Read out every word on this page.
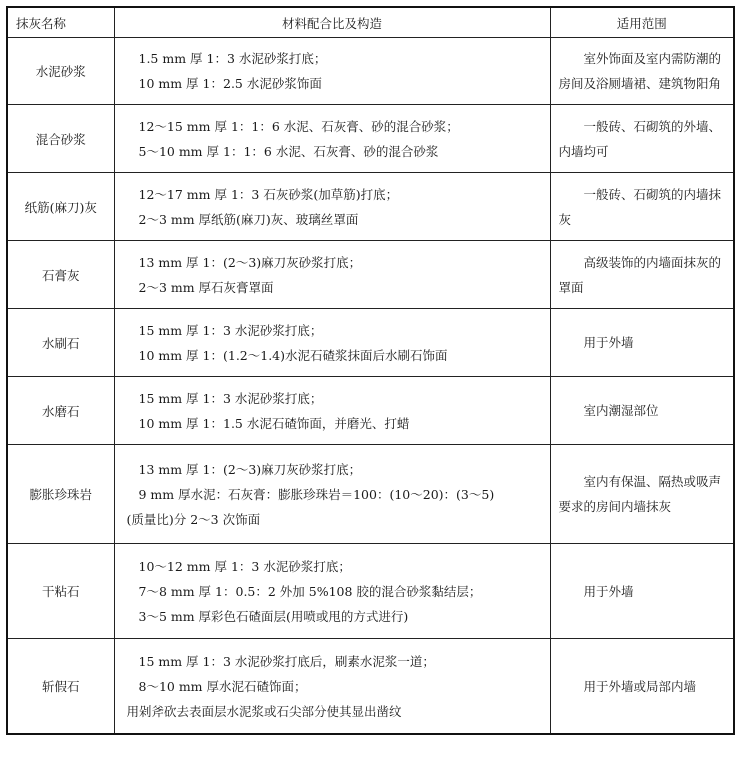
抹灰名称	材料配合比及构造	适用范围
水泥砂浆	1.5 mm 厚 1：3 水泥砂浆打底；
10 mm 厚 1：2.5 水泥砂浆饰面	室外饰面及室内需防潮的房间及浴厕墙裙、建筑物阳角

混合砂浆	12～15 mm 厚 1：1：6 水泥、石灰膏、砂的混合砂浆；
5～10 mm 厚 1：1：6 水泥、石灰膏、砂的混合砂浆	一般砖、石砌筑的外墙、内墙均可

纸筋(麻刀)灰	12～17 mm 厚 1：3 石灰砂浆(加草筋)打底；
2～3 mm 厚纸筋(麻刀)灰、玻璃丝罩面	一般砖、石砌筑的内墙抹灰

石膏灰	13 mm 厚 1：(2～3)麻刀灰砂浆打底；
2～3 mm 厚石灰膏罩面	高级装饰的内墙面抹灰的罩面

水刷石	15 mm 厚 1：3 水泥砂浆打底；
10 mm 厚 1：(1.2～1.4)水泥石碴浆抹面后水刷石饰面	用于外墙

水磨石	15 mm 厚 1：3 水泥砂浆打底；
10 mm 厚 1：1.5 水泥石碴饰面，并磨光、打蜡	室内潮湿部位

膨胀珍珠岩	13 mm 厚 1：(2～3)麻刀灰砂浆打底；
9 mm 厚水泥：石灰膏：膨胀珍珠岩＝100：(10～20)：(3～5)
(质量比)分 2～3 次饰面	室内有保温、隔热或吸声要求的房间内墙抹灰

干粘石	10～12 mm 厚 1：3 水泥砂浆打底；
7～8 mm 厚 1：0.5：2 外加 5%108 胶的混合砂浆黏结层；
3～5 mm 厚彩色石碴面层(用喷或甩的方式进行)	用于外墙

斩假石	15 mm 厚 1：3 水泥砂浆打底后，刷素水泥浆一道；
8～10 mm 厚水泥石碴饰面；
用剁斧砍去表面层水泥浆或石尖部分使其显出凿纹	用于外墙或局部内墙
